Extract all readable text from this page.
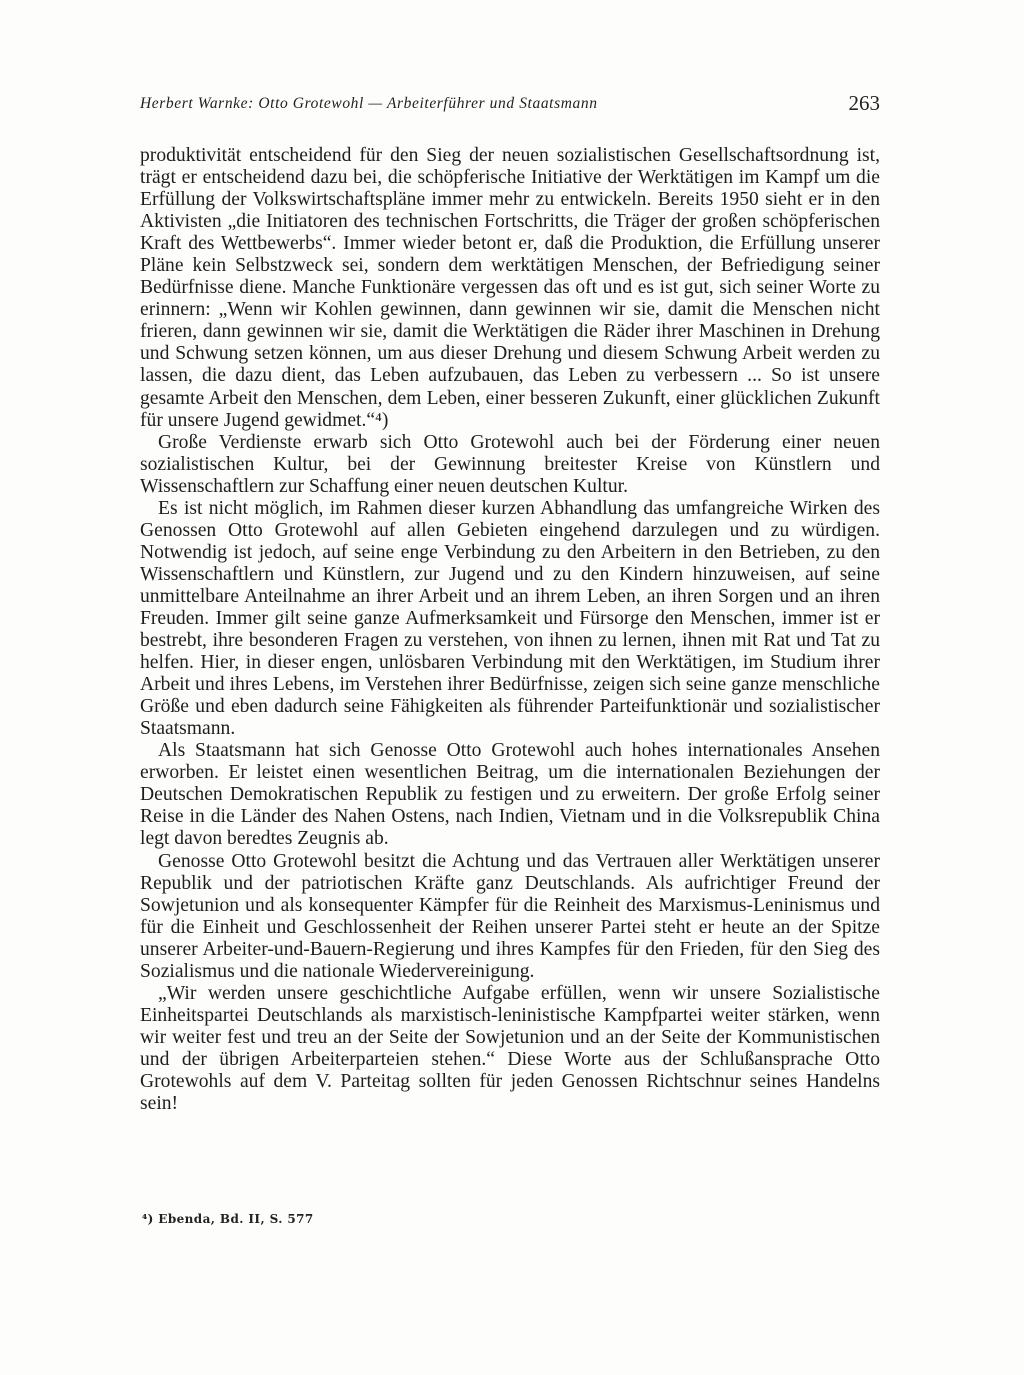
Herbert Warnke: Otto Grotewohl — Arbeiterführer und Staatsmann	263

produktivität entscheidend für den Sieg der neuen sozialistischen Gesellschaftsordnung ist, trägt er entscheidend dazu bei, die schöpferische Initiative der Werktätigen im Kampf um die Erfüllung der Volkswirtschaftspläne immer mehr zu entwickeln. Bereits 1950 sieht er in den Aktivisten „die Initiatoren des technischen Fortschritts, die Träger der großen schöpferischen Kraft des Wettbewerbs“. Immer wieder betont er, daß die Produktion, die Erfüllung unserer Pläne kein Selbstzweck sei, sondern dem werktätigen Menschen, der Befriedigung seiner Bedürfnisse diene. Manche Funktionäre vergessen das oft und es ist gut, sich seiner Worte zu erinnern: „Wenn wir Kohlen gewinnen, dann gewinnen wir sie, damit die Menschen nicht frieren, dann gewinnen wir sie, damit die Werktätigen die Räder ihrer Maschinen in Drehung und Schwung setzen können, um aus dieser Drehung und diesem Schwung Arbeit werden zu lassen, die dazu dient, das Leben aufzubauen, das Leben zu verbessern ... So ist unsere gesamte Arbeit den Menschen, dem Leben, einer besseren Zukunft, einer glücklichen Zukunft für unsere Jugend gewidmet.“⁴)

Große Verdienste erwarb sich Otto Grotewohl auch bei der Förderung einer neuen sozialistischen Kultur, bei der Gewinnung breitester Kreise von Künstlern und Wissenschaftlern zur Schaffung einer neuen deutschen Kultur.

Es ist nicht möglich, im Rahmen dieser kurzen Abhandlung das umfangreiche Wirken des Genossen Otto Grotewohl auf allen Gebieten eingehend darzulegen und zu würdigen. Notwendig ist jedoch, auf seine enge Verbindung zu den Arbeitern in den Betrieben, zu den Wissenschaftlern und Künstlern, zur Jugend und zu den Kindern hinzuweisen, auf seine unmittelbare Anteilnahme an ihrer Arbeit und an ihrem Leben, an ihren Sorgen und an ihren Freuden. Immer gilt seine ganze Aufmerksamkeit und Fürsorge den Menschen, immer ist er bestrebt, ihre besonderen Fragen zu verstehen, von ihnen zu lernen, ihnen mit Rat und Tat zu helfen. Hier, in dieser engen, unlösbaren Verbindung mit den Werktätigen, im Studium ihrer Arbeit und ihres Lebens, im Verstehen ihrer Bedürfnisse, zeigen sich seine ganze menschliche Größe und eben dadurch seine Fähigkeiten als führender Parteifunktionär und sozialistischer Staatsmann.

Als Staatsmann hat sich Genosse Otto Grotewohl auch hohes internationales Ansehen erworben. Er leistet einen wesentlichen Beitrag, um die internationalen Beziehungen der Deutschen Demokratischen Republik zu festigen und zu erweitern. Der große Erfolg seiner Reise in die Länder des Nahen Ostens, nach Indien, Vietnam und in die Volksrepublik China legt davon beredtes Zeugnis ab.

Genosse Otto Grotewohl besitzt die Achtung und das Vertrauen aller Werktätigen unserer Republik und der patriotischen Kräfte ganz Deutschlands. Als aufrichtiger Freund der Sowjetunion und als konsequenter Kämpfer für die Reinheit des Marxismus-Leninismus und für die Einheit und Geschlossenheit der Reihen unserer Partei steht er heute an der Spitze unserer Arbeiter-und-Bauern-Regierung und ihres Kampfes für den Frieden, für den Sieg des Sozialismus und die nationale Wiedervereinigung.

„Wir werden unsere geschichtliche Aufgabe erfüllen, wenn wir unsere Sozialistische Einheitspartei Deutschlands als marxistisch-leninistische Kampfpartei weiter stärken, wenn wir weiter fest und treu an der Seite der Sowjetunion und an der Seite der Kommunistischen und der übrigen Arbeiterparteien stehen.“ Diese Worte aus der Schlußansprache Otto Grotewohls auf dem V. Parteitag sollten für jeden Genossen Richtschnur seines Handelns sein!

⁴) Ebenda, Bd. II, S. 577
